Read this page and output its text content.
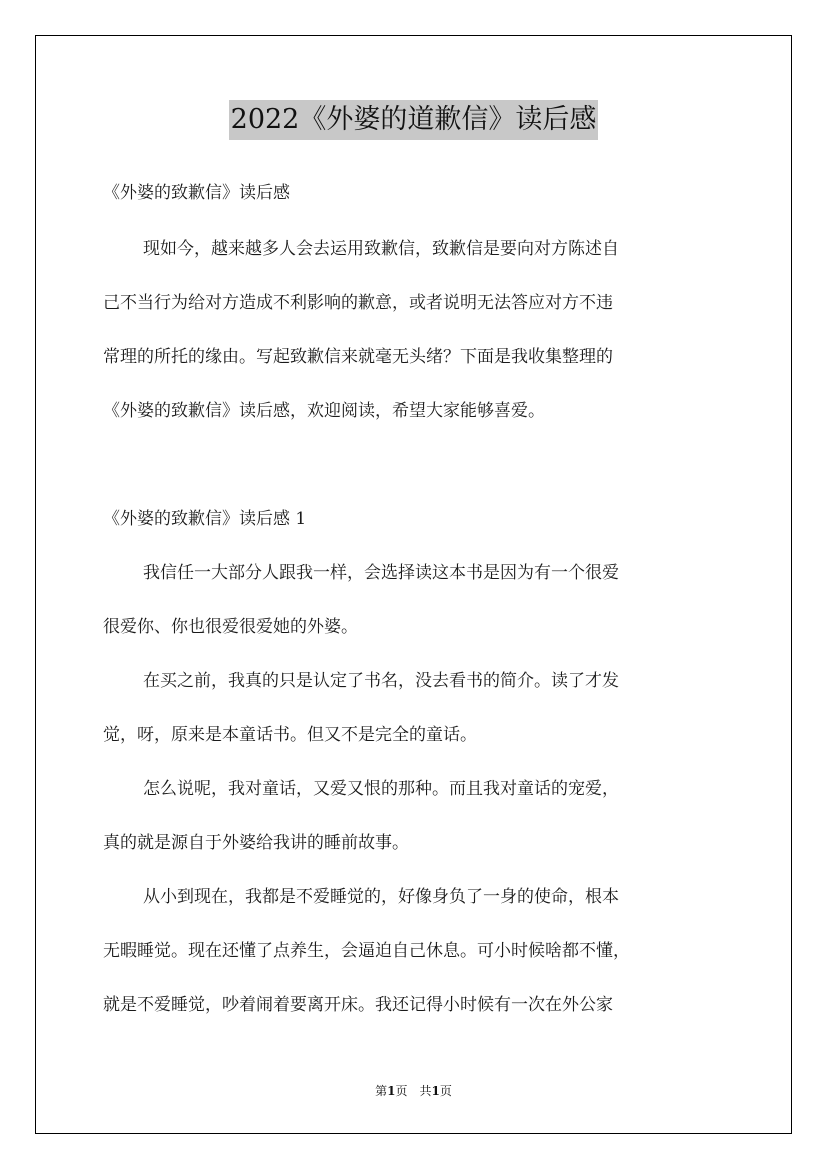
2022《外婆的道歉信》读后感
《外婆的致歉信》读后感
现如今，越来越多人会去运用致歉信，致歉信是要向对方陈述自
己不当行为给对方造成不利影响的歉意，或者说明无法答应对方不违
常理的所托的缘由。写起致歉信来就毫无头绪？下面是我收集整理的
《外婆的致歉信》读后感，欢迎阅读，希望大家能够喜爱。
《外婆的致歉信》读后感 1
我信任一大部分人跟我一样，会选择读这本书是因为有一个很爱
很爱你、你也很爱很爱她的外婆。
在买之前，我真的只是认定了书名，没去看书的简介。读了才发
觉，呀，原来是本童话书。但又不是完全的童话。
怎么说呢，我对童话，又爱又恨的那种。而且我对童话的宠爱，
真的就是源自于外婆给我讲的睡前故事。
从小到现在，我都是不爱睡觉的，好像身负了一身的使命，根本
无暇睡觉。现在还懂了点养生，会逼迫自己休息。可小时候啥都不懂，
就是不爱睡觉，吵着闹着要离开床。我还记得小时候有一次在外公家
第1页　共1页
